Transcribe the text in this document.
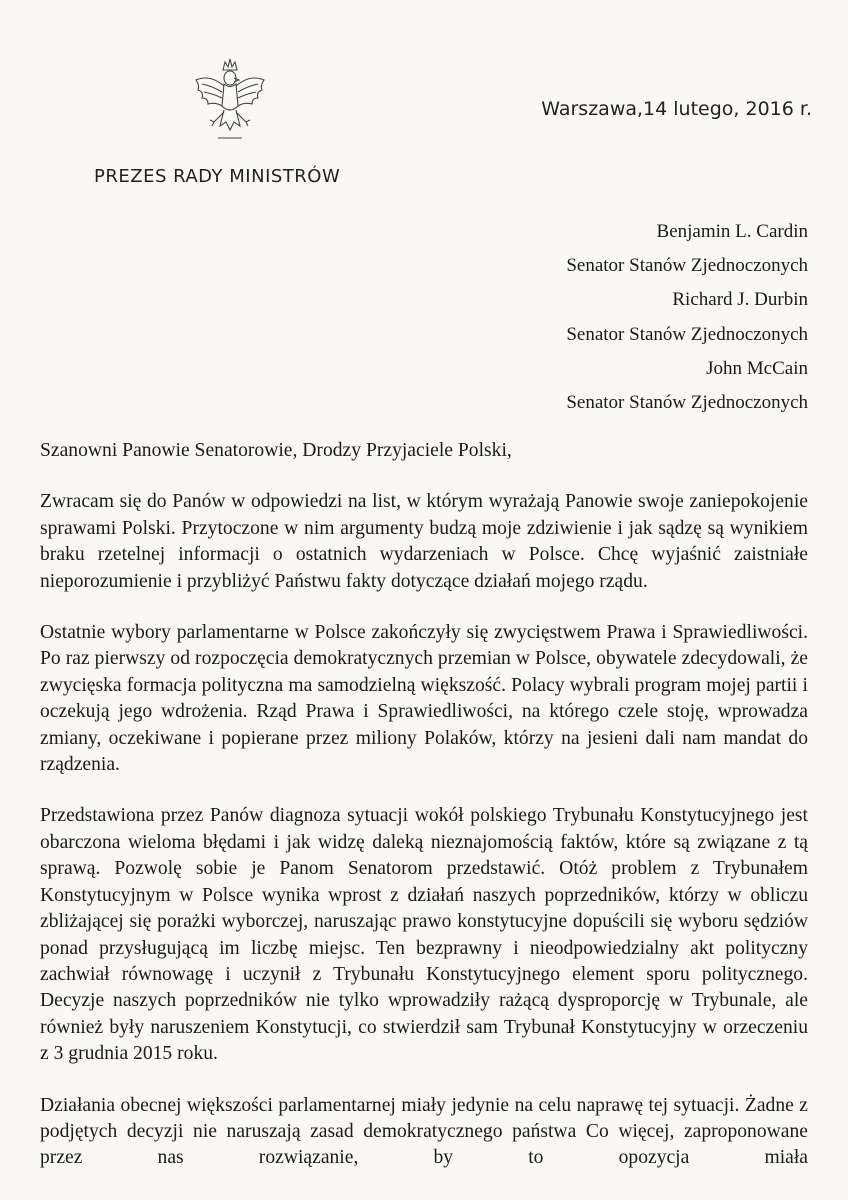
PREZES RADY MINISTRÓW
Warszawa,14 lutego, 2016 r.
Benjamin L. Cardin
Senator Stanów Zjednoczonych
Richard J. Durbin
Senator Stanów Zjednoczonych
John McCain
Senator Stanów Zjednoczonych
Szanowni Panowie Senatorowie, Drodzy Przyjaciele Polski,

Zwracam się do Panów w odpowiedzi na list, w którym wyrażają Panowie swoje zaniepokojenie sprawami Polski. Przytoczone w nim argumenty budzą moje zdziwienie i jak sądzę są wynikiem braku rzetelnej informacji o ostatnich wydarzeniach w Polsce. Chcę wyjaśnić zaistniałe nieporozumienie i przybliżyć Państwu fakty dotyczące działań mojego rządu.

Ostatnie wybory parlamentarne w Polsce zakończyły się zwycięstwem Prawa i Sprawiedliwości. Po raz pierwszy od rozpoczęcia demokratycznych przemian w Polsce, obywatele zdecydowali, że zwycięska formacja polityczna ma samodzielną większość. Polacy wybrali program mojej partii i oczekują jego wdrożenia. Rząd Prawa i Sprawiedliwości, na którego czele stoję, wprowadza zmiany, oczekiwane i popierane przez miliony Polaków, którzy na jesieni dali nam mandat do rządzenia.

Przedstawiona przez Panów diagnoza sytuacji wokół polskiego Trybunału Konstytucyjnego jest obarczona wieloma błędami i jak widzę daleką nieznajomością faktów, które są związane z tą sprawą. Pozwolę sobie je Panom Senatorom przedstawić. Otóż problem z Trybunałem Konstytucyjnym w Polsce wynika wprost z działań naszych poprzedników, którzy w obliczu zbliżającej się porażki wyborczej, naruszając prawo konstytucyjne dopuścili się wyboru sędziów ponad przysługującą im liczbę miejsc. Ten bezprawny i nieodpowiedzialny akt polityczny zachwiał równowagę i uczynił z Trybunału Konstytucyjnego element sporu politycznego. Decyzje naszych poprzedników nie tylko wprowadziły rażącą dysproporcję w Trybunale, ale również były naruszeniem Konstytucji, co stwierdził sam Trybunał Konstytucyjny w orzeczeniu z 3 grudnia 2015 roku.

Działania obecnej większości parlamentarnej miały jedynie na celu naprawę tej sytuacji. Żadne z podjętych decyzji nie naruszają zasad demokratycznego państwa Co więcej, zaproponowane przez nas rozwiązanie, by to opozycja miała
